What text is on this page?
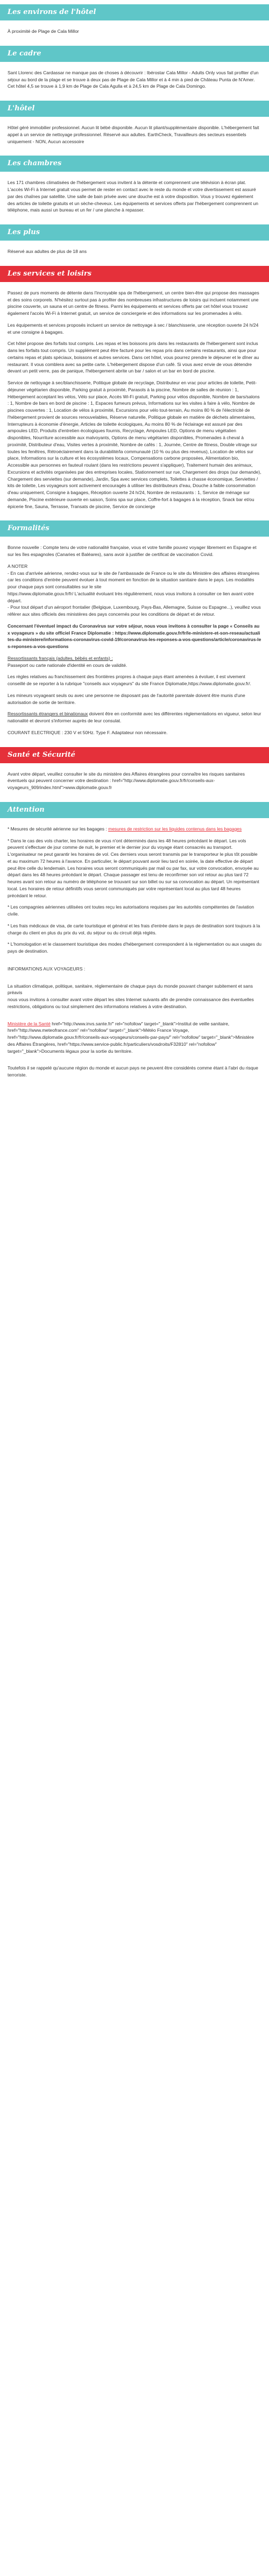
Les environs de l'hôtel

À proximité de Plage de Cala Millor

Le cadre

Sant Llorenc des Cardassar ne manque pas de choses à découvrir : Ibérostar Cala Millor - Adults Only vous fait profiter d'un séjour au bord de la plage et se trouve à deux pas de Plage de Cala Millor et à 4 min à pied de Château Punta de N'Amer. Cet hôtel 4,5 se trouve à 1,9 km de Plage de Cala Agulla et à 24,5 km de Plage de Cala Domingo.

L'hôtel

Hôtel géré immobilier professionnel. Aucun lit bébé disponible. Aucun lit pliant/supplémentaire disponible. L'hébergement fait appel à un service de nettoyage professionnel. Réservé aux adultes. EarthCheck, Travailleurs des secteurs essentiels uniquement - NON, Aucun accessoire

Les chambres

Les 171 chambres climatisées de l'hébergement vous invitent à la détente et comprennent une télévision à écran plat. L'accès Wi-Fi à Internet gratuit vous permet de rester en contact avec le reste du monde et votre divertissement est assuré par des chaînes par satellite. Une salle de bain privée avec une douche est à votre disposition. Vous y trouvez également des articles de toilette gratuits et un sèche-cheveux. Les équipements et services offerts par l'hébergement comprennent un téléphone, mais aussi un bureau et un fer / une planche à repasser.

Les plus

Réservé aux adultes de plus de 18 ans

Les services et loisirs

Passez de purs moments de détente dans l'incroyable spa de l'hébergement, un centre bien-être qui propose des massages et des soins corporels. N'hésitez surtout pas à profiter des nombreuses infrastructures de loisirs qui incluent notamment une piscine couverte, un sauna et un centre de fitness. Parmi les équipements et services offerts par cet hôtel vous trouvez également l'accès Wi-Fi à Internet gratuit, un service de conciergerie et des informations sur les promenades à vélo.

Les équipements et services proposés incluent un service de nettoyage à sec / blanchisserie, une réception ouverte 24 h/24 et une consigne à bagages.

Cet hôtel propose des forfaits tout compris. Les repas et les boissons pris dans les restaurants de l'hébergement sont inclus dans les forfaits tout compris. Un supplément peut être facturé pour les repas pris dans certains restaurants, ainsi que pour certains repas et plats spéciaux, boissons et autres services. Dans cet hôtel, vous pourrez prendre le déjeuner et le dîner au restaurant. Il vous comblera avec sa petite carte. L'hébergement dispose d'un café. Si vous avez envie de vous détendre devant un petit verre, pas de panique, l'hébergement abrite un bar / salon et un bar en bord de piscine.

Service de nettoyage à sec/blanchisserie, Politique globale de recyclage, Distributeur en vrac pour articles de toilette, Petit-déjeuner végétarien disponible, Parking gratuit à proximité, Parasols à la piscine, Nombre de salles de réunion : 1, Hébergement acceptant les vélos, Vélo sur place, Accès Wi-Fi gratuit, Parking pour vélos disponible, Nombre de bars/salons : 1, Nombre de bars en bord de piscine : 1, Espaces fumeurs prévus, Informations sur les visites à faire à vélo, Nombre de piscines couvertes : 1, Location de vélos à proximité, Excursions pour vélo tout-terrain, Au moins 80 % de l'électricité de l'hébergement provient de sources renouvelables, Réserve naturelle, Politique globale en matière de déchets alimentaires, Interrupteurs à économie d'énergie, Articles de toilette écologiques, Au moins 80 % de l'éclairage est assuré par des ampoules LED, Produits d'entretien écologiques fournis, Recyclage, Ampoules LED, Options de menu végétalien disponibles, Nourriture accessible aux malvoyants, Options de menu végétarien disponibles, Promenades à cheval à proximité, Distributeur d'eau, Visites vertes à proximité, Nombre de cafés : 1, Journée, Centre de fitness, Double vitrage sur toutes les fenêtres, Rétroéclairement dans la durabilité/la communauté (10 % ou plus des revenus), Location de vélos sur place, Informations sur la culture et les écosystèmes locaux, Compensations carbone proposées, Alimentation bio, Accessible aux personnes en fauteuil roulant (dans les restrictions peuvent s'appliquer), Traitement humain des animaux, Excursions et activités organisées par des entreprises locales, Stationnement sur rue, Chargement des drops (sur demande), Chargement des serviettes (sur demande), Jardin, Spa avec services complets, Toilettes à chasse économique, Serviettes / kits de toilette, Les voyageurs sont activement encouragés à utiliser les distributeurs d'eau, Douche à faible consommation d'eau uniquement, Consigne à bagages, Réception ouverte 24 h/24, Nombre de restaurants : 1, Service de ménage sur demande, Piscine extérieure ouverte en saison, Soins spa sur place, Coffre-fort à bagages à la réception, Snack bar et/ou épicerie fine, Sauna, Terrasse, Transats de piscine, Service de concierge

Formalités

Bonne nouvelle : Compte tenu de votre nationalité française, vous et votre famille pouvez voyager librement en Espagne et sur les îles espagnoles (Canaries et Baléares), sans avoir à justifier de certificat de vaccination Covid.

A NOTER
- En cas d'arrivée aérienne, rendez-vous sur le site de l'ambassade de France ou le site du Ministère des affaires étrangères car les conditions d'entrée peuvent évoluer à tout moment en fonction de la situation sanitaire dans le pays. Les modalités pour chaque pays sont consultables sur le site
https://www.diplomatie.gouv.fr/fr/ L'actualité évoluant très régulièrement, nous vous invitons à consulter ce lien avant votre départ.
- Pour tout départ d'un aéroport frontalier (Belgique, Luxembourg, Pays-Bas, Allemagne, Suisse ou Espagne...), veuillez vous référer aux sites officiels des ministères des pays concernés pour les conditions de départ et de retour.

Concernant l'éventuel impact du Coronavirus sur votre séjour, nous vous invitons à consulter la page « Conseils aux voyageurs » du site officiel France Diplomatie : https://www.diplomatie.gouv.fr/fr/le-ministere-et-son-reseau/actualites-du-ministere/informations-coronavirus-covid-19/coronavirus-les-reponses-a-vos-questions/article/coronavirus-les-reponses-a-vos-questions

Ressortissants français (adultes, bébés et enfants) :
Passeport ou carte nationale d'identité en cours de validité.

Les règles relatives au franchissement des frontières propres à chaque pays étant amenées à évoluer, il est vivement conseillé de se reporter à la rubrique "conseils aux voyageurs" du site France Diplomatie,https://www.diplomatie.gouv.fr/.

Les mineurs voyageant seuls ou avec une personne ne disposant pas de l'autorité parentale doivent être munis d'une autorisation de sortie de territoire.

Ressortissants étrangers et binationaux doivent être en conformité avec les différentes réglementations en vigueur, selon leur nationalité et devront s'informer auprès de leur consulat.

COURANT ELECTRIQUE : 230 V et 50Hz. Type F. Adaptateur non nécessaire.

Santé et Sécurité

Avant votre départ, veuillez consulter le site du ministère des Affaires étrangères pour connaître les risques sanitaires éventuels qui peuvent concerner votre destination : href="http://www.diplomatie.gouv.fr/fr/conseils-aux-voyageurs_909/index.html">www.diplomatie.gouv.fr

Attention

* Mesures de sécurité aérienne sur les bagages : mesures de restriction sur les liquides contenus dans les bagages

* Dans le cas des vols charter, les horaires de vous n'ont déterminés dans les 48 heures précédant le départ. Les vols peuvent s'effectuer de jour comme de nuit, le premier et le dernier jour du voyage étant consacrés au transport. L'organisateur ne peut garantir les horaires de vol. Ces derniers vous seront transmis par le transporteur le plus tôt possible et au maximum 72 heures à l'avance. En particulier, le départ pouvant avoir lieu tard en soirée, la date effective de départ peut être celle du lendemain. Les horaires vous seront communiqués par mail ou par fax, sur votre convocation, envoyée au départ dans les 48 heures précédant le départ. Chaque passager est tenu de reconfirmer son vol retour au plus tard 72 heures avant son retour au numéro de téléphone se trouvant sur son billet ou sur sa convocation au départ. Un représentant local. Les horaires de retour définitifs vous seront communiqués par votre représentant local au plus tard 48 heures précédant le retour.

* Les compagnies aériennes utilisées ont toutes reçu les autorisations requises par les autorités compétentes de l'aviation civile.

* Les frais médicaux de visa, de carte touristique et général et les frais d'entrée dans le pays de destination sont toujours à la charge du client en plus du prix du vol, du séjour ou du circuit déjà réglés.

* L'homologation et le classement touristique des modes d'hébergement correspondent à la réglementation ou aux usages du pays de destination.

INFORMATIONS AUX VOYAGEURS :

La situation climatique, politique, sanitaire, réglementaire de chaque pays du monde pouvant changer subitement et sans préavis
nous vous invitons à consulter avant votre départ les sites Internet suivants afin de prendre connaissance des éventuelles restrictions, obligations ou tout simplement des informations relatives à votre destination.

Ministère de la Santé href="http://www.invs.sante.fr/" rel="nofollow" target="_blank">Institut de veille sanitaire, href="http://www.meteofrance.com" rel="nofollow" target="_blank">Météo France Voyage, href="http://www.diplomatie.gouv.fr/fr/conseils-aux-voyageurs/conseils-par-pays/" rel="nofollow" target="_blank">Ministère des Affaires Étrangères, href="https://www.service-public.fr/particuliers/vosdroits/F32810" rel="nofollow" target="_blank">Documents légaux pour la sortie du territoire.

Toutefois il se rappelé qu'aucune région du monde et aucun pays ne peuvent être considérés comme étant à l'abri du risque terroriste.
